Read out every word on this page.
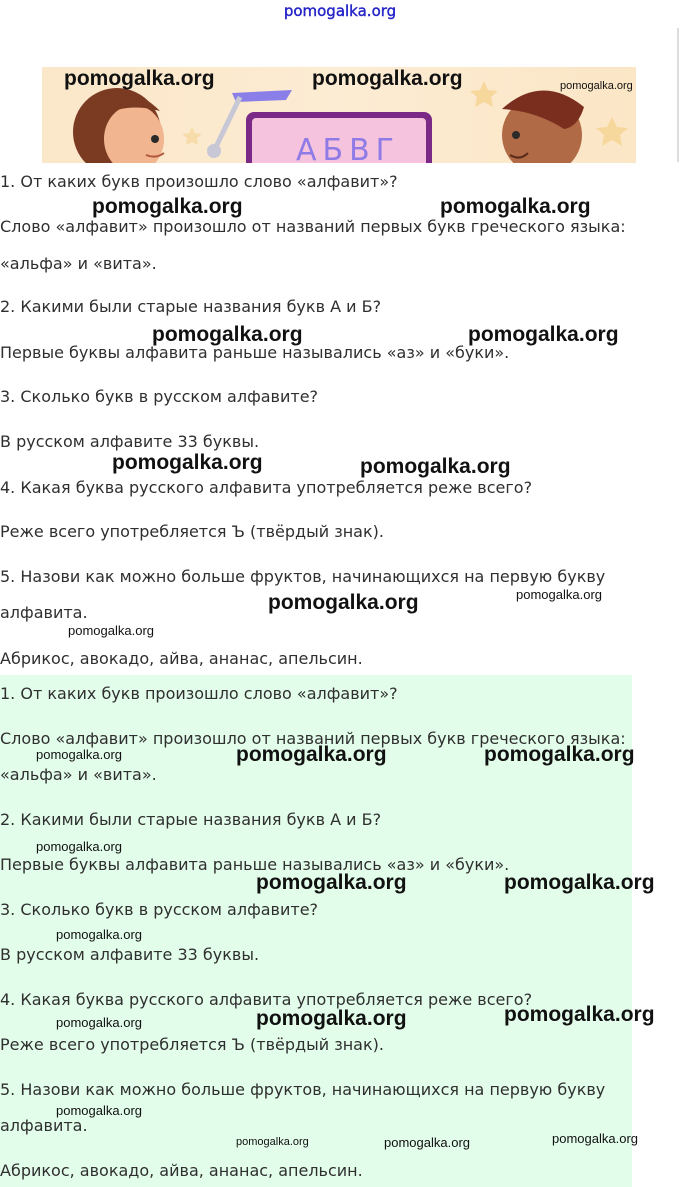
pomogalka.org
АБВГ
1. От каких букв произошло слово «алфавит»?
Слово «алфавит» произошло от названий первых букв греческого языка:
«альфа» и «вита».
2. Какими были старые названия букв А и Б?
Первые буквы алфавита раньше назывались «аз» и «буки».
3. Сколько букв в русском алфавите?
В русском алфавите 33 буквы.
4. Какая буква русского алфавита употребляется реже всего?
Реже всего употребляется Ъ (твёрдый знак).
5. Назови как можно больше фруктов, начинающихся на первую букву
алфавита.
Абрикос, авокадо, айва, ананас, апельсин.
1. От каких букв произошло слово «алфавит»?
Слово «алфавит» произошло от названий первых букв греческого языка:
«альфа» и «вита».
2. Какими были старые названия букв А и Б?
Первые буквы алфавита раньше назывались «аз» и «буки».
3. Сколько букв в русском алфавите?
В русском алфавите 33 буквы.
4. Какая буква русского алфавита употребляется реже всего?
Реже всего употребляется Ъ (твёрдый знак).
5. Назови как можно больше фруктов, начинающихся на первую букву
алфавита.
Абрикос, авокадо, айва, ананас, апельсин.
pomogalka.org	pomogalka.org	pomogalka.org
pomogalka.org	pomogalka.org
pomogalka.org	pomogalka.org
pomogalka.org	pomogalka.org
pomogalka.org	pomogalka.org
pomogalka.org
pomogalka.org	pomogalka.org	pomogalka.org
pomogalka.org
pomogalka.org	pomogalka.org
pomogalka.org
pomogalka.org	pomogalka.org	pomogalka.org
pomogalka.org
pomogalka.org	pomogalka.org	pomogalka.org
